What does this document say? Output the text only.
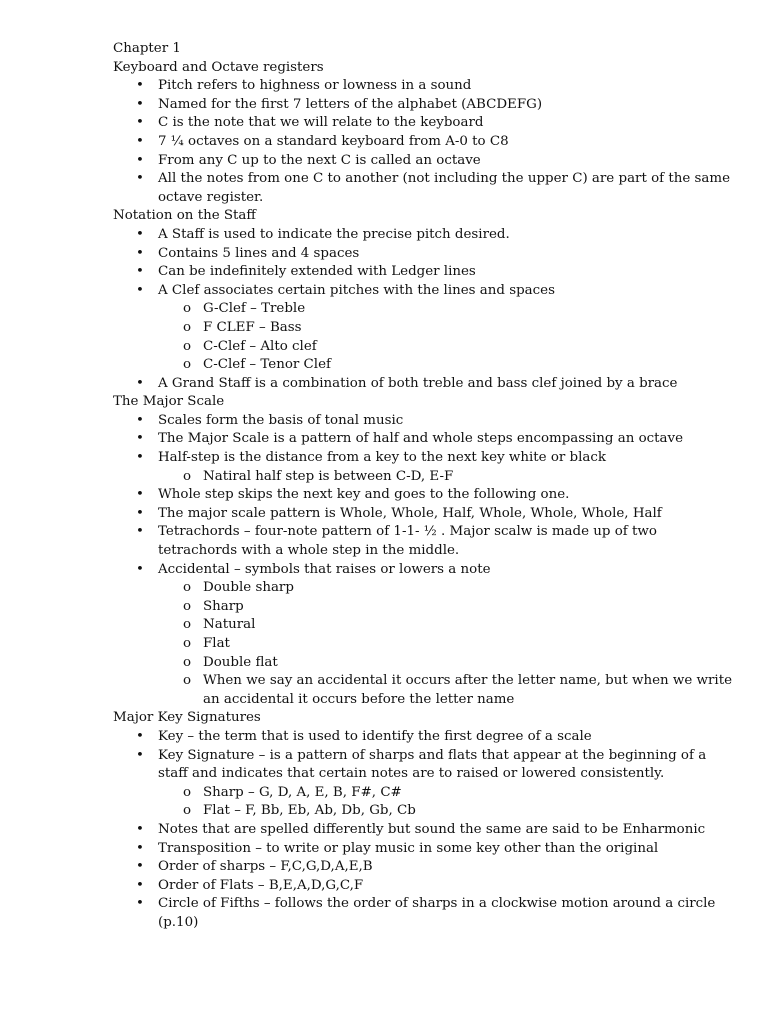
Chapter 1
Keyboard and Octave registers
• Pitch refers to highness or lowness in a sound
• Named for the first 7 letters of the alphabet (ABCDEFG)
• C is the note that we will relate to the keyboard
• 7 ¼ octaves on a standard keyboard from A-0 to C8
• From any C up to the next C is called an octave
• All the notes from one C to another (not including the upper C) are part of the same octave register.
Notation on the Staff
• A Staff is used to indicate the precise pitch desired.
• Contains 5 lines and 4 spaces
• Can be indefinitely extended with Ledger lines
• A Clef associates certain pitches with the lines and spaces
o G-Clef – Treble
o F CLEF – Bass
o C-Clef – Alto clef
o C-Clef – Tenor Clef
• A Grand Staff is a combination of both treble and bass clef joined by a brace
The Major Scale
• Scales form the basis of tonal music
• The Major Scale is a pattern of half and whole steps encompassing an octave
• Half-step is the distance from a key to the next key white or black
o Natiral half step is between C-D, E-F
• Whole step skips the next key and goes to the following one.
• The major scale pattern is Whole, Whole, Half, Whole, Whole, Whole, Half
• Tetrachords – four-note pattern of 1-1- ½ . Major scalw is made up of two tetrachords with a whole step in the middle.
• Accidental – symbols that raises or lowers a note
o Double sharp
o Sharp
o Natural
o Flat
o Double flat
o When we say an accidental it occurs after the letter name, but when we write an accidental it occurs before the letter name
Major Key Signatures
• Key – the term that is used to identify the first degree of a scale
• Key Signature – is a pattern of sharps and flats that appear at the beginning of a staff and indicates that certain notes are to raised or lowered consistently.
o Sharp – G, D, A, E, B, F#, C#
o Flat – F, Bb, Eb, Ab, Db, Gb, Cb
• Notes that are spelled differently but sound the same are said to be Enharmonic
• Transposition – to write or play music in some key other than the original
• Order of sharps – F,C,G,D,A,E,B
• Order of Flats – B,E,A,D,G,C,F
• Circle of Fifths – follows the order of sharps in a clockwise motion around a circle (p.10)
